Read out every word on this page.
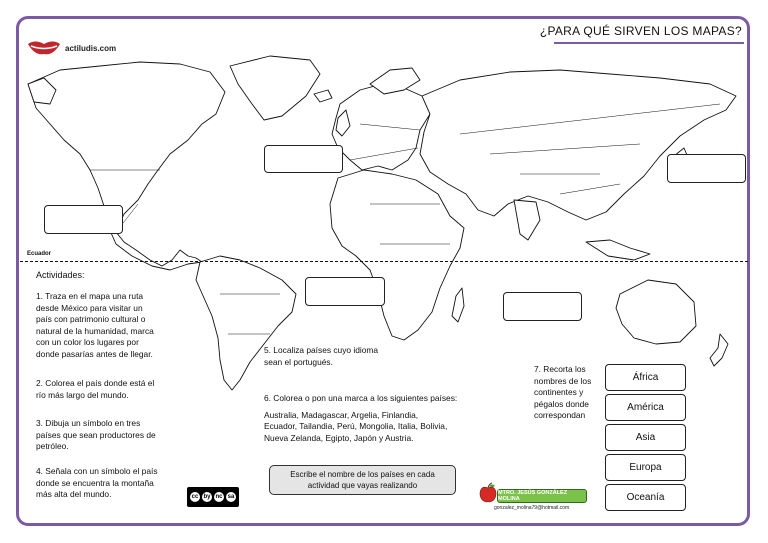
actiludis.com
¿PARA QUÉ SIRVEN LOS MAPAS?
Ecuador
Actividades:
1. Traza en el mapa una ruta
desde México para visitar un
país con patrimonio cultural o
natural de la humanidad, marca
con un color los lugares por
donde pasarías antes de llegar.
2. Colorea el país donde está el
río más largo del mundo.
3. Dibuja un símbolo en tres
países que sean productores de
petróleo.
4. Señala con un símbolo el país
donde se encuentra la montaña
más alta del mundo.
5. Localiza países cuyo idioma
sean el portugués.
6. Colorea o pon una marca a los siguientes países:
Australia, Madagascar, Argelia, Finlandia,
Ecuador, Tailandia, Perú, Mongolia, Italia, Bolivia,
Nueva Zelanda, Egipto, Japón y Austria.
7. Recorta los
nombres de los
continentes y
pégalos donde
correspondan
África
América
Asia
Europa
Oceanía
Escribe el nombre de los países en cada
actividad que vayas realizando
cc by nc sa
MTRO. JESÚS GONZÁLEZ MOLINA
gonzalez_molina79@hotmail.com
